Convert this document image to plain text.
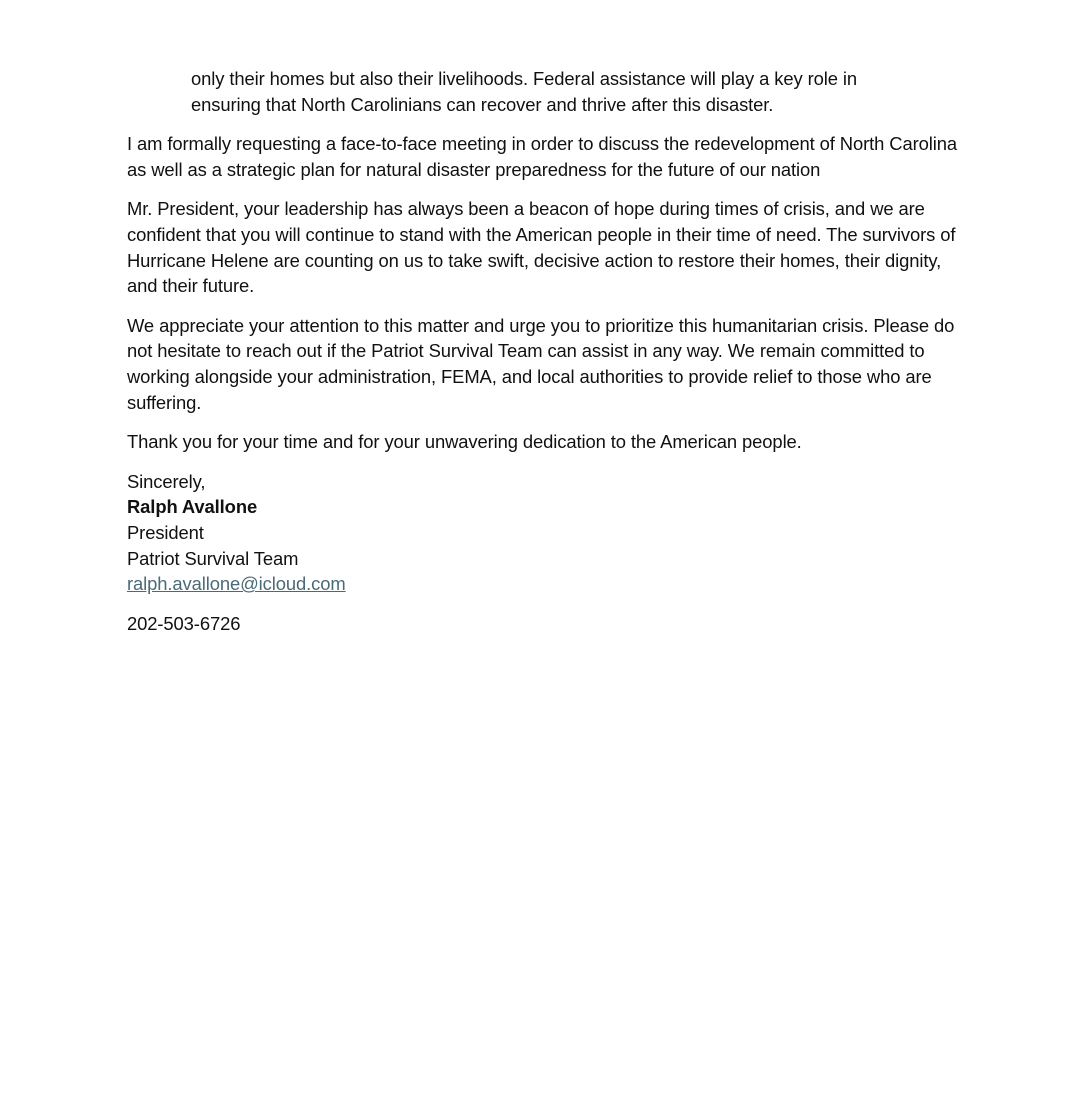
only their homes but also their livelihoods. Federal assistance will play a key role in ensuring that North Carolinians can recover and thrive after this disaster.

I am formally requesting a face-to-face meeting in order to discuss the redevelopment of North Carolina as well as a strategic plan for natural disaster preparedness for the future of our nation

Mr. President, your leadership has always been a beacon of hope during times of crisis, and we are confident that you will continue to stand with the American people in their time of need. The survivors of Hurricane Helene are counting on us to take swift, decisive action to restore their homes, their dignity, and their future.

We appreciate your attention to this matter and urge you to prioritize this humanitarian crisis. Please do not hesitate to reach out if the Patriot Survival Team can assist in any way. We remain committed to working alongside your administration, FEMA, and local authorities to provide relief to those who are suffering.

Thank you for your time and for your unwavering dedication to the American people.

Sincerely,
Ralph Avallone
President
Patriot Survival Team
ralph.avallone@icloud.com

202-503-6726
